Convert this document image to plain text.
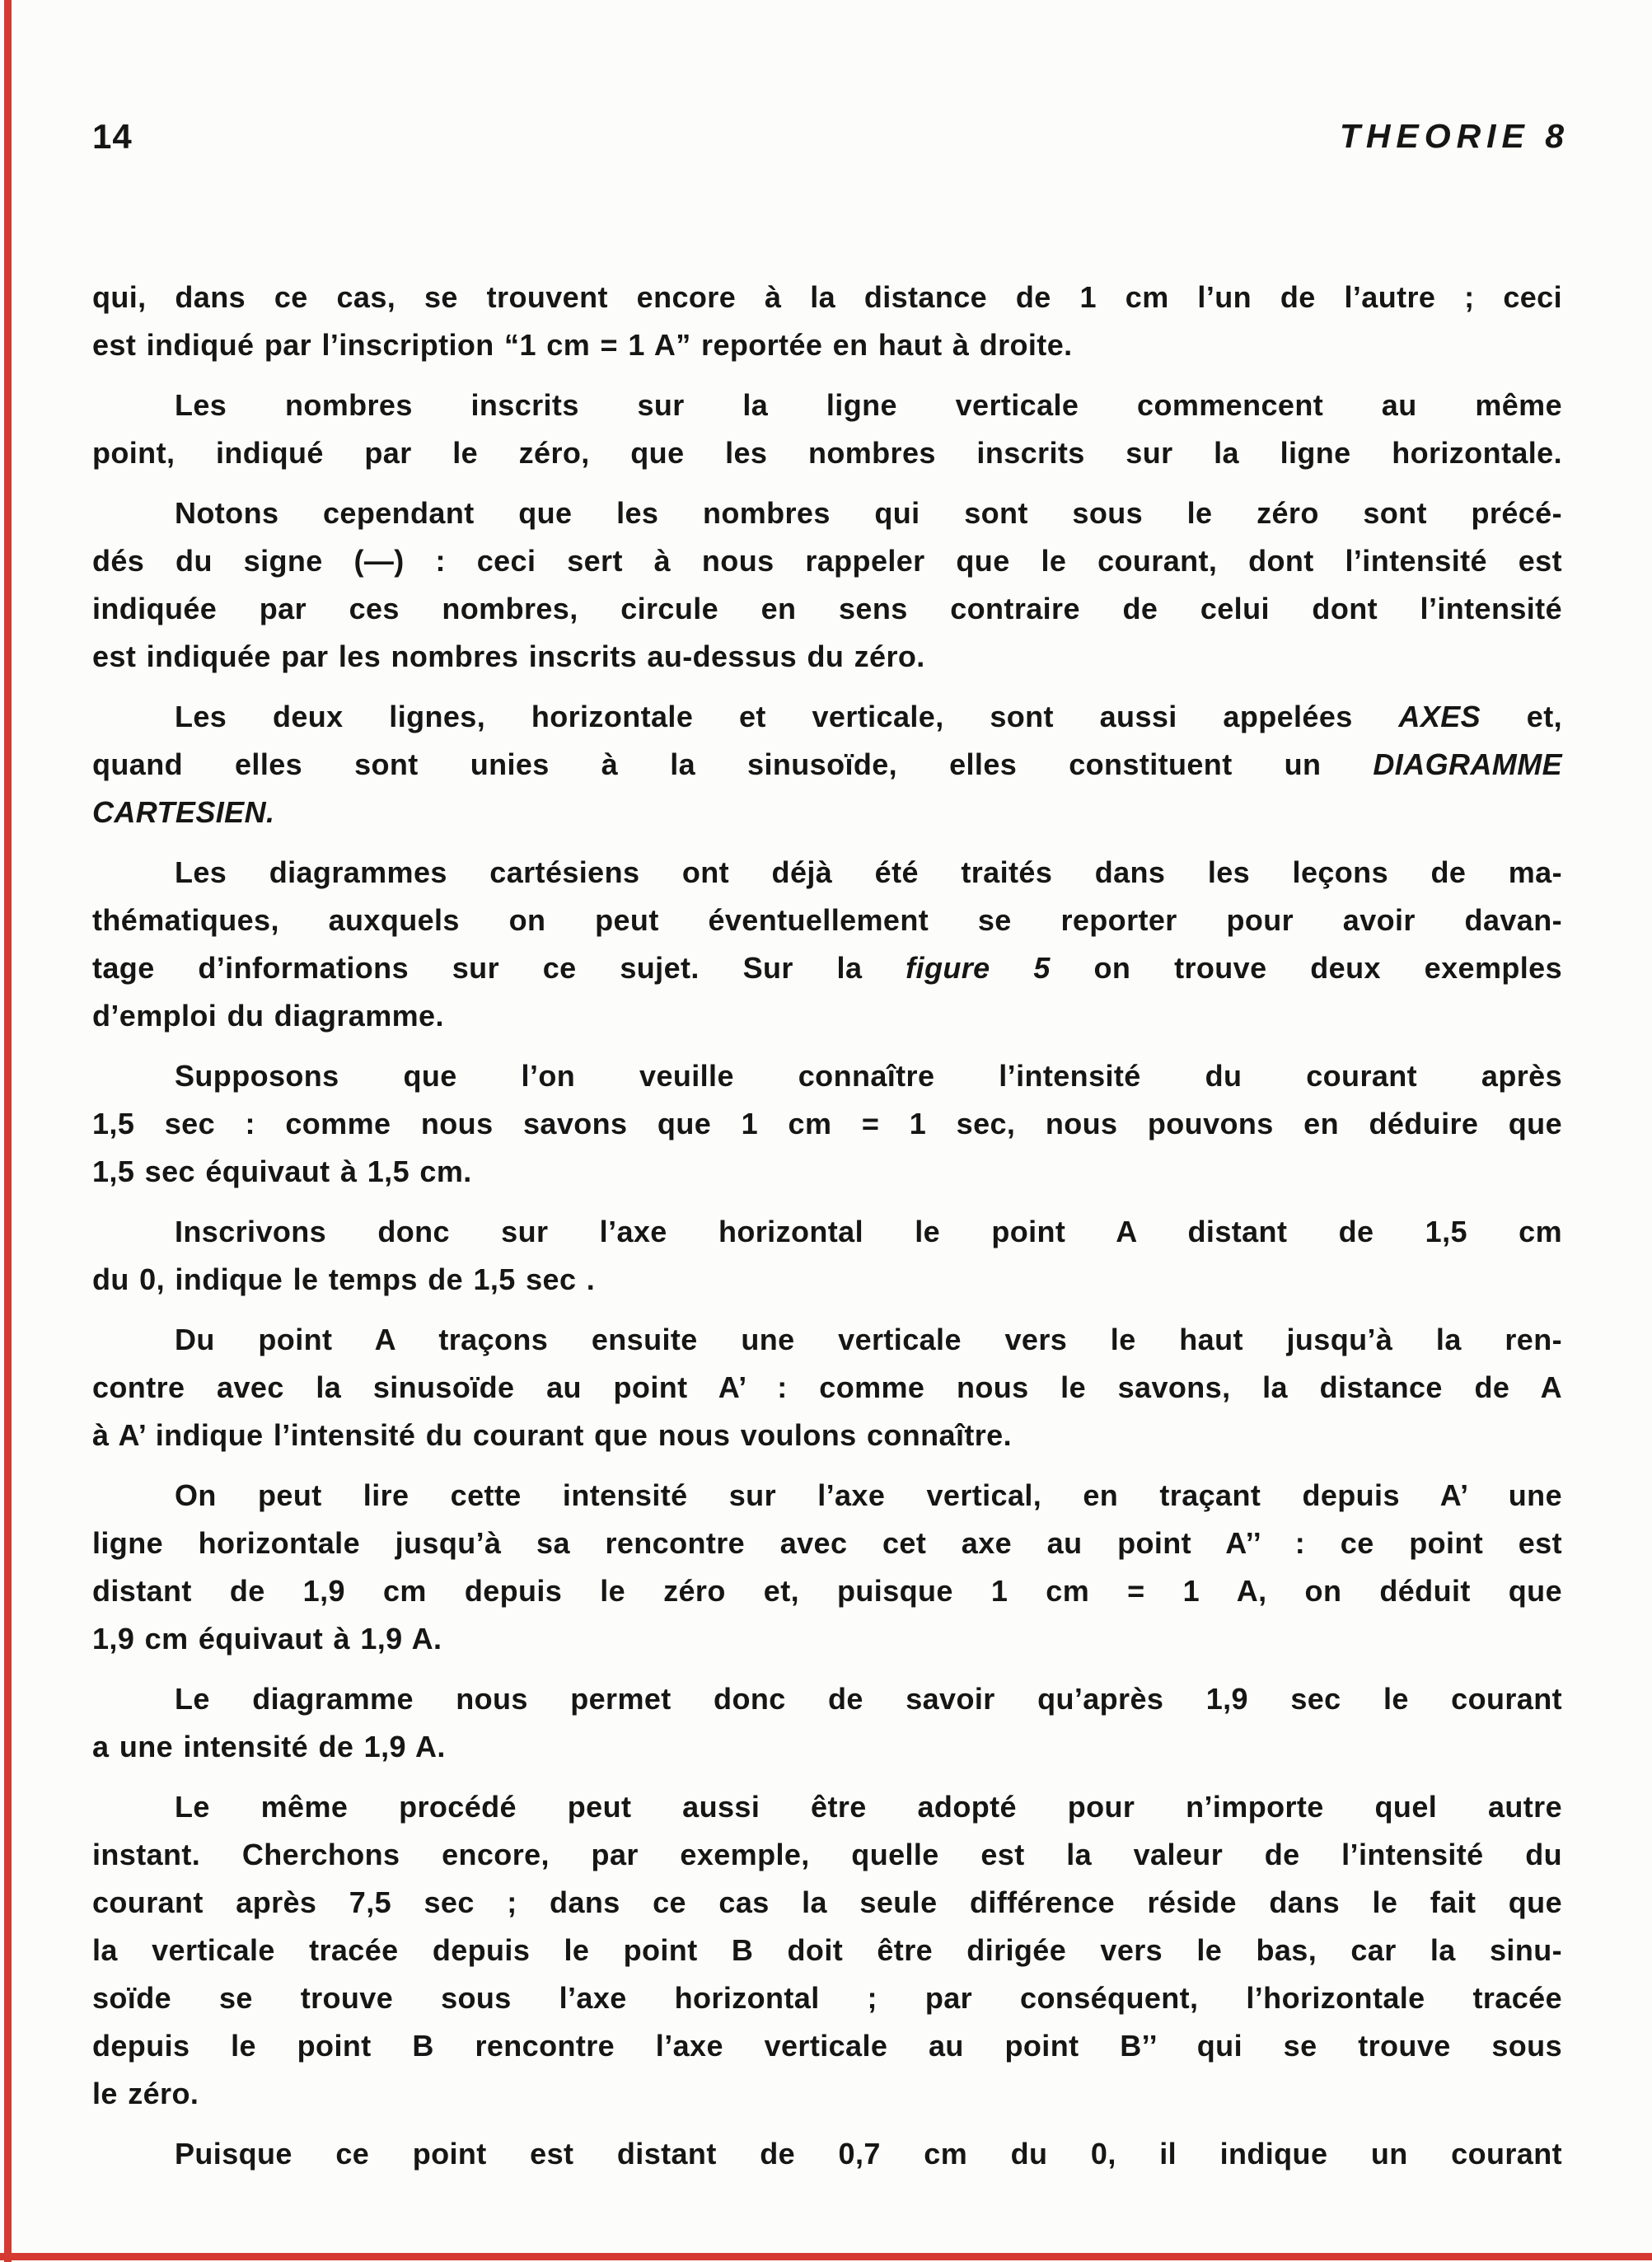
14	THEORIE 8
qui, dans ce cas, se trouvent encore à la distance de 1 cm l’un de l’autre ; ceci
est indiqué par l’inscription “1 cm = 1 A” reportée en haut à droite.
Les nombres inscrits sur la ligne verticale commencent au même
point, indiqué par le zéro, que les nombres inscrits sur la ligne horizontale.
Notons cependant que les nombres qui sont sous le zéro sont précé-
dés du signe (—) : ceci sert à nous rappeler que le courant, dont l’intensité est
indiquée par ces nombres, circule en sens contraire de celui dont l’intensité
est indiquée par les nombres inscrits au-dessus du zéro.
Les deux lignes, horizontale et verticale, sont aussi appelées AXES et,
quand elles sont unies à la sinusoïde, elles constituent un DIAGRAMME
CARTESIEN.
Les diagrammes cartésiens ont déjà été traités dans les leçons de ma-
thématiques, auxquels on peut éventuellement se reporter pour avoir davan-
tage d’informations sur ce sujet. Sur la figure 5 on trouve deux exemples
d’emploi du diagramme.
Supposons que l’on veuille connaître l’intensité du courant après
1,5 sec : comme nous savons que 1 cm = 1 sec, nous pouvons en déduire que
1,5 sec équivaut à 1,5 cm.
Inscrivons donc sur l’axe horizontal le point A distant de 1,5 cm
du 0, indique le temps de 1,5 sec .
Du point A traçons ensuite une verticale vers le haut jusqu’à la ren-
contre avec la sinusoïde au point A’ : comme nous le savons, la distance de A
à A’ indique l’intensité du courant que nous voulons connaître.
On peut lire cette intensité sur l’axe vertical, en traçant depuis A’ une
ligne horizontale jusqu’à sa rencontre avec cet axe au point A’’ : ce point est
distant de 1,9 cm depuis le zéro et, puisque 1 cm = 1 A, on déduit que
1,9 cm équivaut à 1,9 A.
Le diagramme nous permet donc de savoir qu’après 1,9 sec le courant
a une intensité de 1,9 A.
Le même procédé peut aussi être adopté pour n’importe quel autre
instant. Cherchons encore, par exemple, quelle est la valeur de l’intensité du
courant après 7,5 sec ; dans ce cas la seule différence réside dans le fait que
la verticale tracée depuis le point B doit être dirigée vers le bas, car la sinu-
soïde se trouve sous l’axe horizontal ; par conséquent, l’horizontale tracée
depuis le point B rencontre l’axe verticale au point B’’ qui se trouve sous
le zéro.
Puisque ce point est distant de 0,7 cm du 0, il indique un courant
